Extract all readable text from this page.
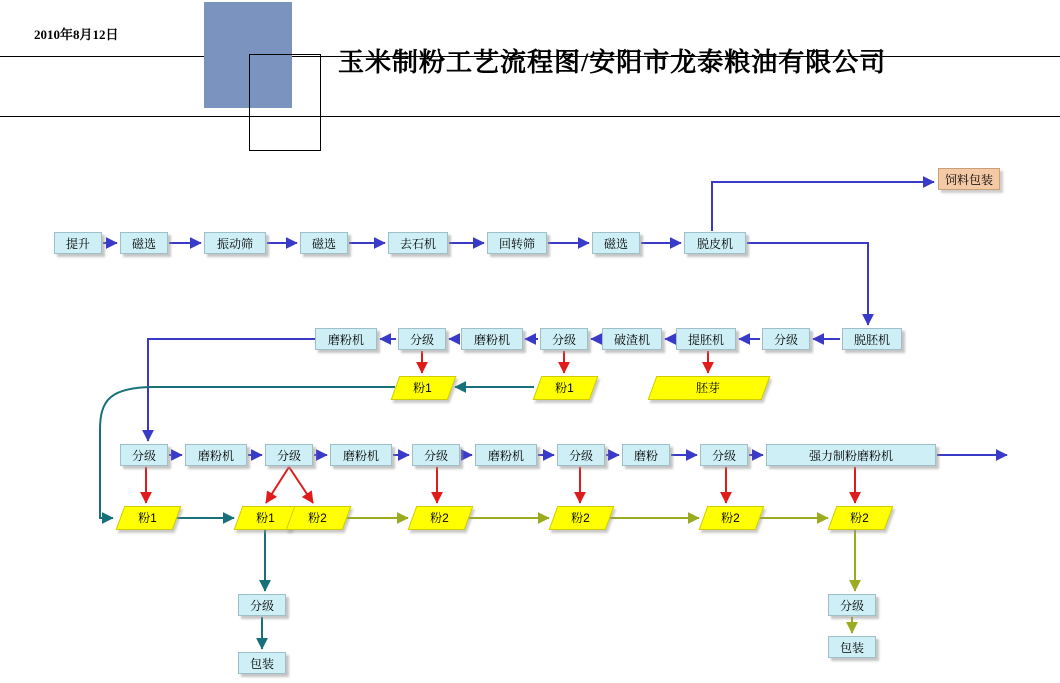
2010年8月12日
玉米制粉工艺流程图/安阳市龙泰粮油有限公司
提升	磁选	振动筛	磁选	去石机	回转筛	磁选	脱皮机
饲料包装
磨粉机	分级	磨粉机	分级	破渣机	提胚机	分级	脱胚机
粉1	粉1	胚芽
分级	磨粉机	分级	磨粉机	分级	磨粉机	分级	磨粉	分级	强力制粉磨粉机
粉1	粉1	粉2	粉2	粉2	粉2	粉2
分级
包装
分级
包装
